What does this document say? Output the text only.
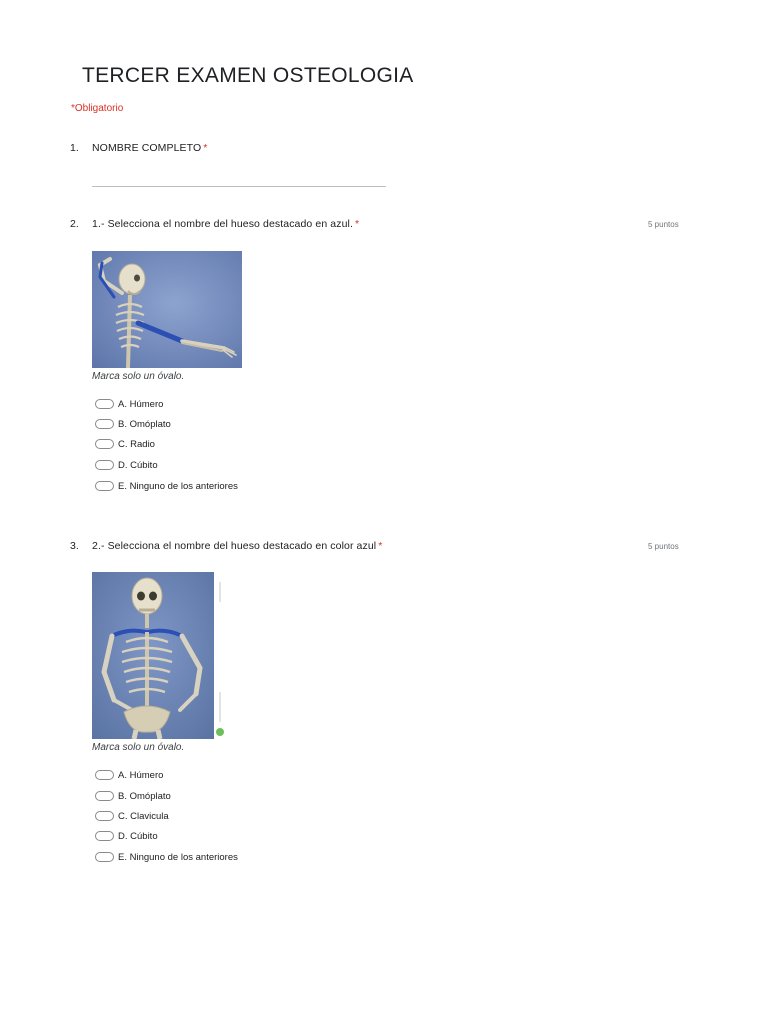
TERCER EXAMEN OSTEOLOGIA
*Obligatorio
1. NOMBRE COMPLETO *
2. 1.- Selecciona el nombre del hueso destacado en azul. *	5 puntos
Marca solo un óvalo.
A. Húmero
B. Omóplato
C. Radio
D. Cúbito
E. Ninguno de los anteriores
3. 2.- Selecciona el nombre del hueso destacado en color azul *	5 puntos
Marca solo un óvalo.
A. Húmero
B. Omóplato
C. Clavicula
D. Cúbito
E. Ninguno de los anteriores
